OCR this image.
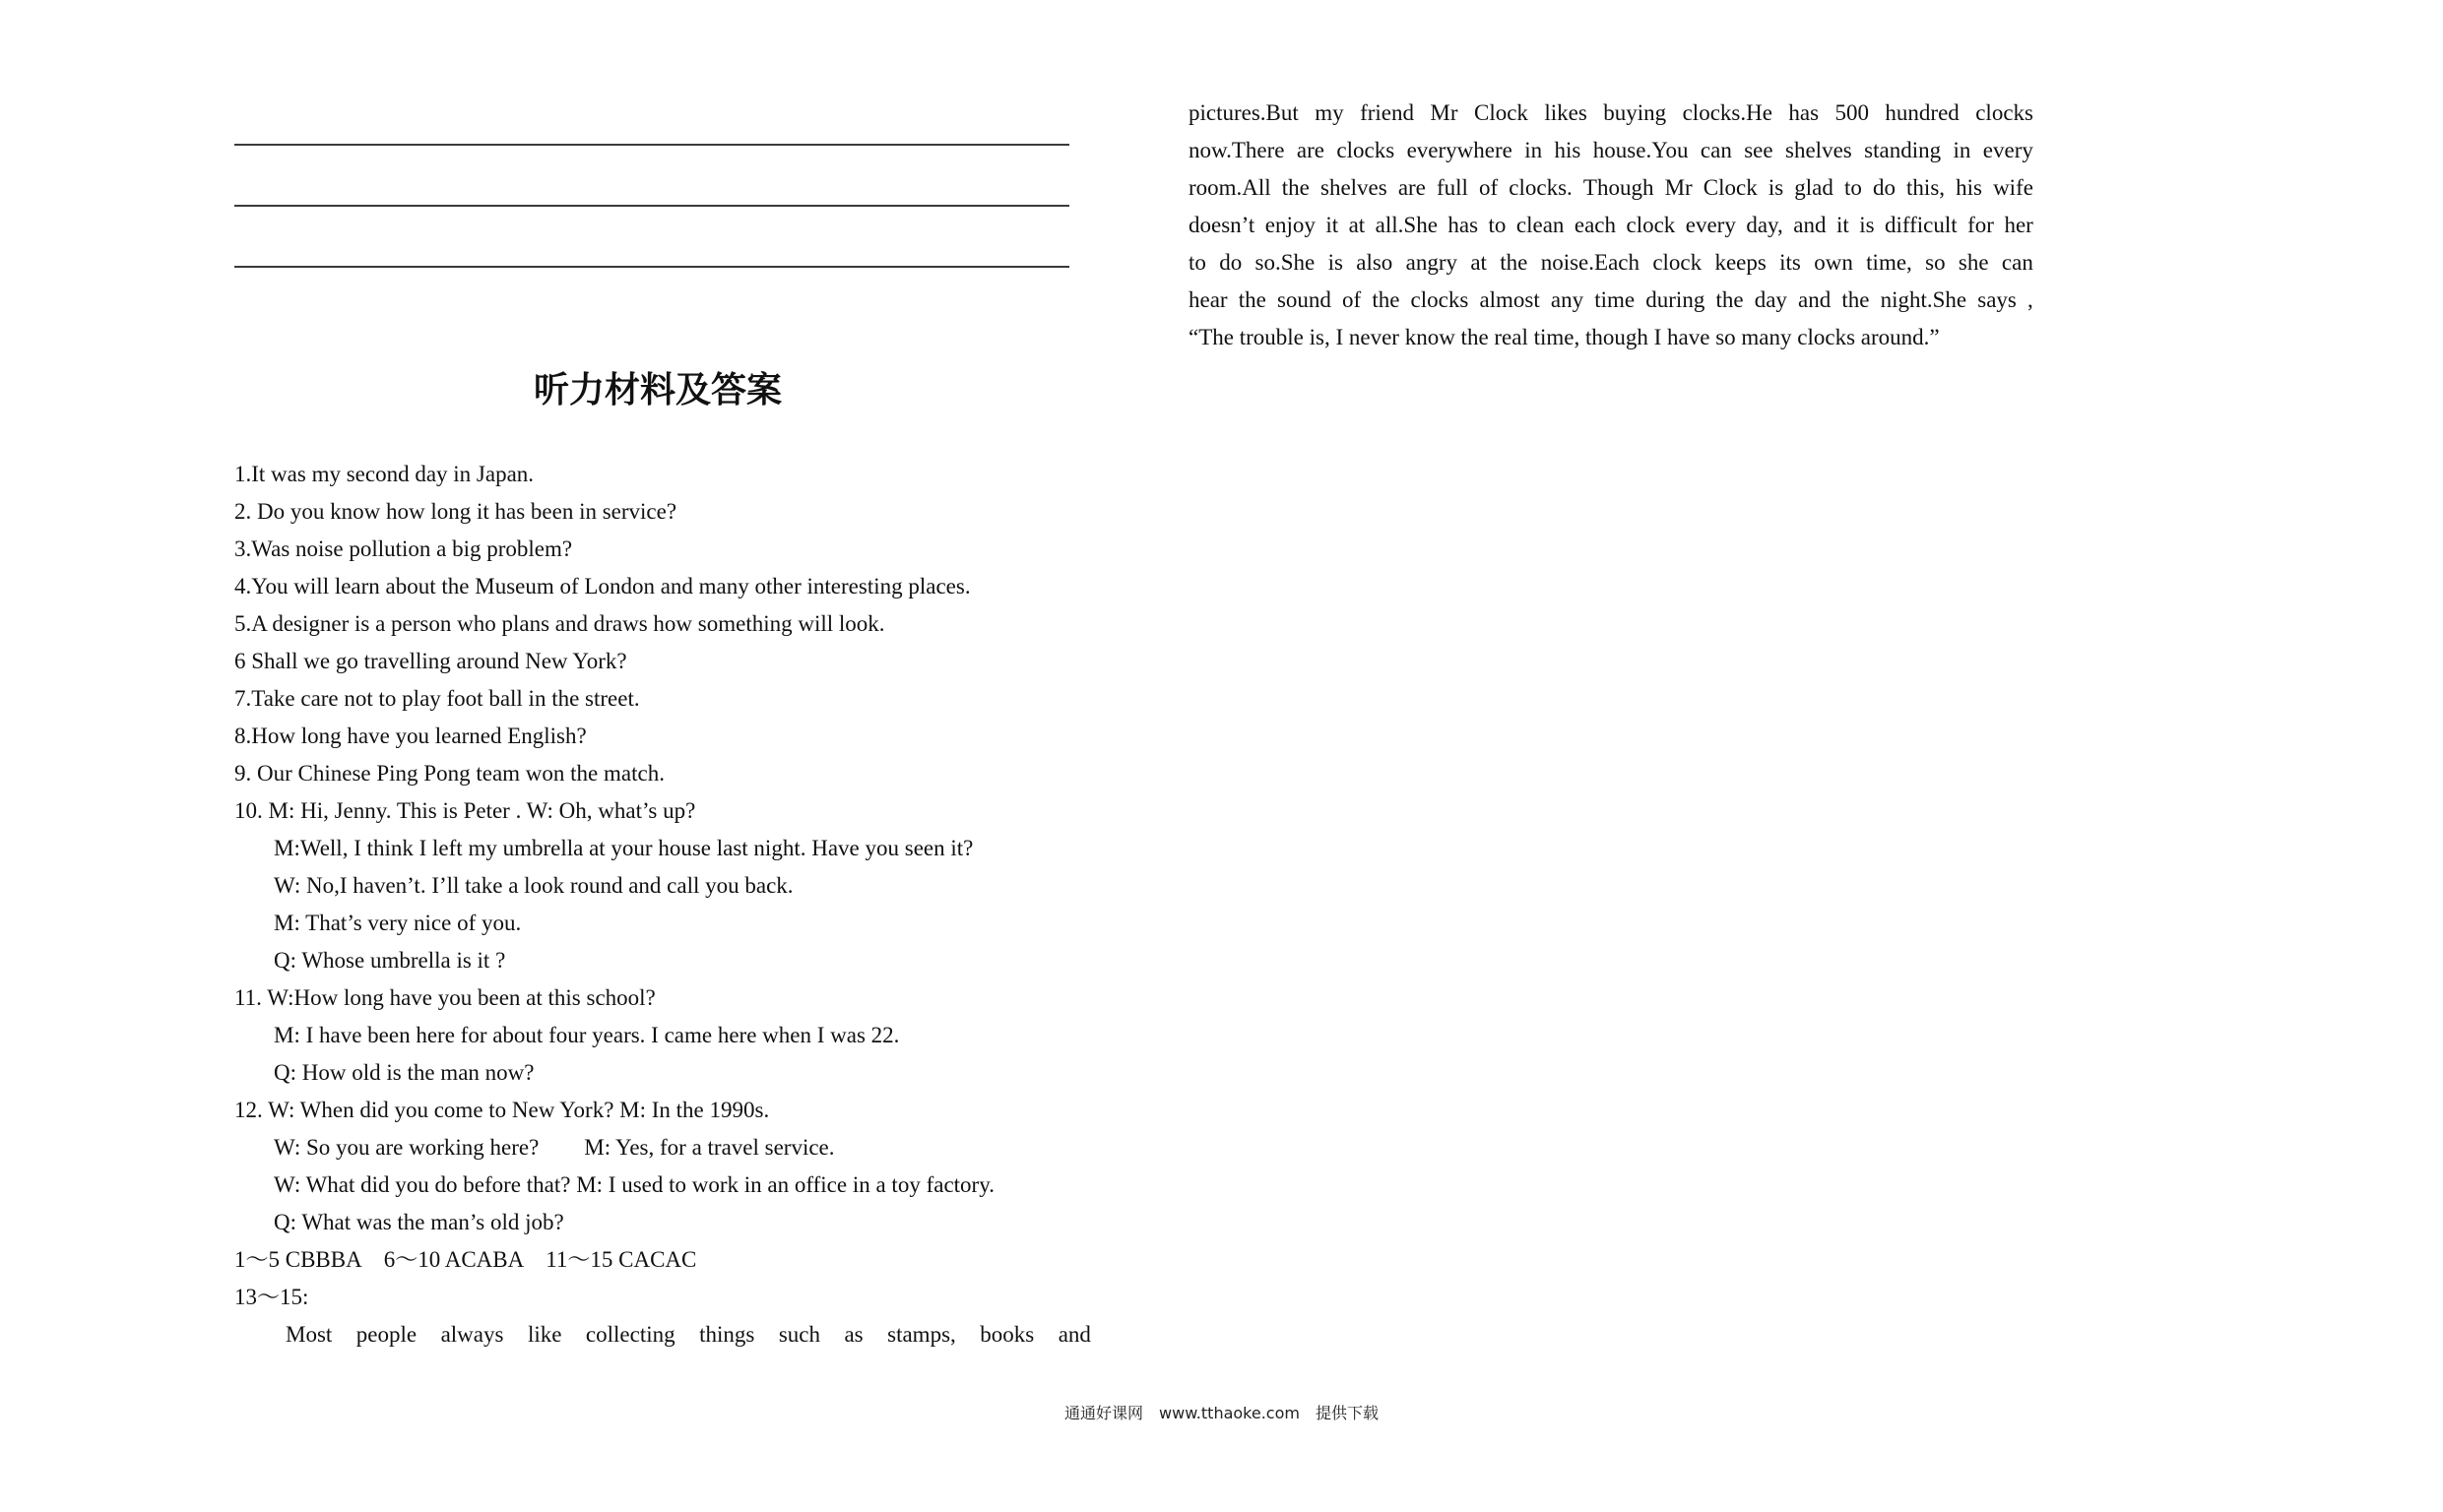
听力材料及答案
1.It was my second day in Japan.
2. Do you know how long it has been in service?
3.Was noise pollution a big problem?
4.You will learn about the Museum of London and many other interesting places.
5.A designer is a person who plans and draws how something will look.
6 Shall we go travelling around New York?
7.Take care not to play foot ball in the street.
8.How long have you learned English?
9. Our Chinese Ping Pong team won the match.
10. M: Hi, Jenny. This is Peter . W: Oh, what’s up?
M:Well, I think I left my umbrella at your house last night. Have you seen it?
W: No,I haven’t. I’ll take a look round and call you back.
M: That’s very nice of you.
Q: Whose umbrella is it ?
11. W:How long have you been at this school?
M: I have been here for about four years. I came here when I was 22.
Q: How old is the man now?
12. W: When did you come to New York? M: In the 1990s.
W: So you are working here?　　M: Yes, for a travel service.
W: What did you do before that? M: I used to work in an office in a toy factory.
Q: What was the man’s old job?
1～5 CBBBA 6～10 ACABA 11～15 CACAC
13～15:
Most people always like collecting things such as stamps, books and
pictures.But my friend Mr Clock likes buying clocks.He has 500 hundred clocks
now.There are clocks everywhere in his house.You can see shelves standing in every
room.All the shelves are full of clocks. Though Mr Clock is glad to do this, his wife
doesn’t enjoy it at all.She has to clean each clock every day, and it is difficult for her
to do so.She is also angry at the noise.Each clock keeps its own time, so she can
hear the sound of the clocks almost any time during the day and the night.She says ,
“The trouble is, I never know the real time, though I have so many clocks around.”
通通好课网　www.tthaoke.com　提供下载
